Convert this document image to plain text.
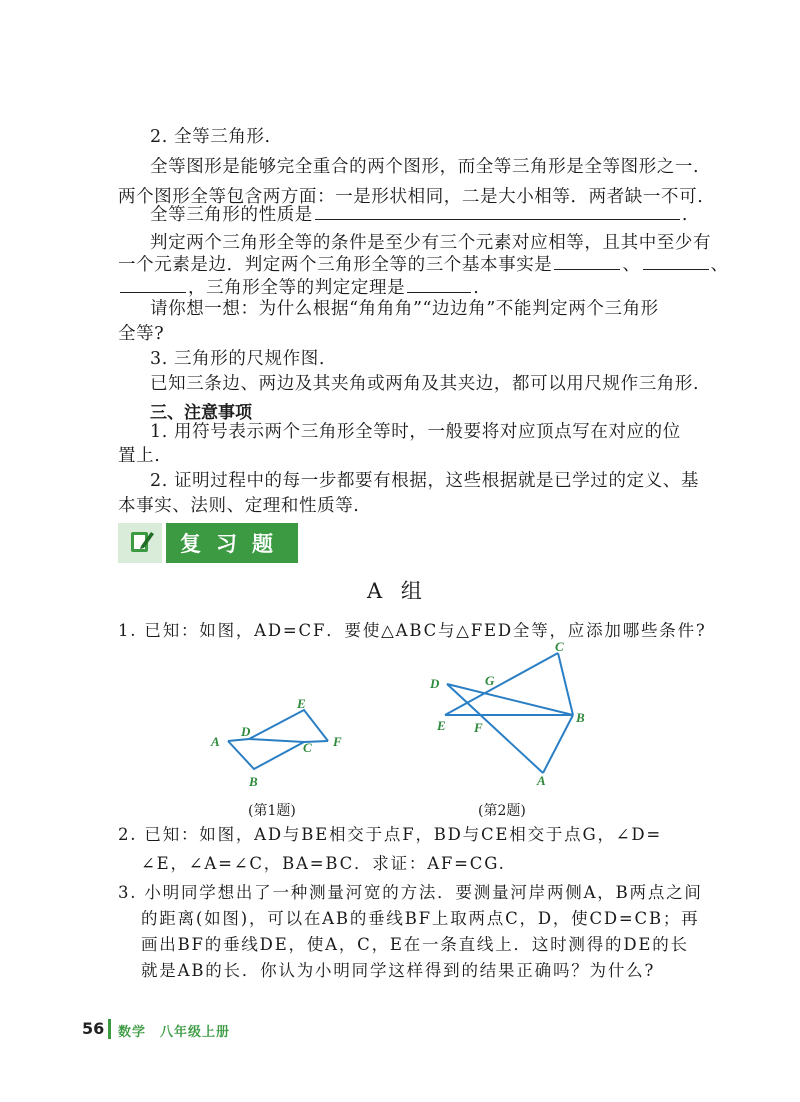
2. 全等三角形.
全等图形是能够完全重合的两个图形，而全等三角形是全等图形之一.
两个图形全等包含两方面：一是形状相同，二是大小相等．两者缺一不可.
全等三角形的性质是	.
判定两个三角形全等的条件是至少有三个元素对应相等，且其中至少有
一个元素是边．判定两个三角形全等的三个基本事实是	、	、
，三角形全等的判定定理是	.
请你想一想：为什么根据“角角角”“边边角”不能判定两个三角形
全等?
3. 三角形的尺规作图.
已知三条边、两边及其夹角或两角及其夹边，都可以用尺规作三角形.
三、注意事项
1. 用符号表示两个三角形全等时，一般要将对应顶点写在对应的位
置上.
2. 证明过程中的每一步都要有根据，这些根据就是已学过的定义、基
本事实、法则、定理和性质等.
复习题
A 组
1. 已知：如图，AD=CF．要使△ABC与△FED全等，应添加哪些条件?
A
B
C
D
E
F
C
D	G
E F
B
A
(第1题)	(第2题)
2. 已知：如图，AD与BE相交于点F，BD与CE相交于点G，∠D=
∠E，∠A=∠C，BA=BC．求证：AF=CG.
3. 小明同学想出了一种测量河宽的方法．要测量河岸两侧A，B两点之间
的距离(如图)，可以在AB的垂线BF上取两点C，D，使CD=CB；再
画出BF的垂线DE，使A，C，E在一条直线上．这时测得的DE的长
就是AB的长．你认为小明同学这样得到的结果正确吗？为什么?
56 数学　八年级上册
